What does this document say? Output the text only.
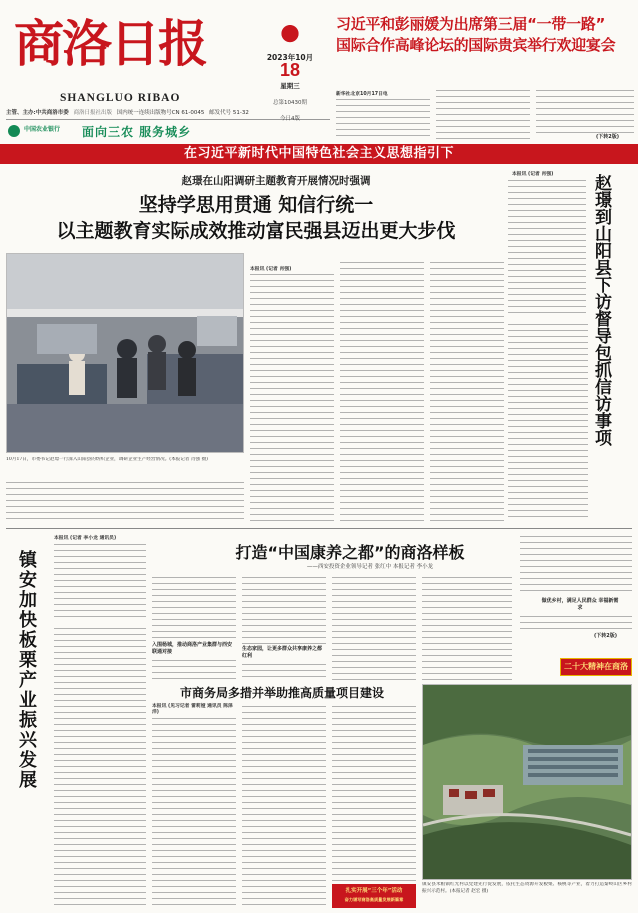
商洛日报
SHANGLUO RIBAO
主管、主办:中共商洛市委 商洛日报社出版 国内统一连续出版物号CN 61-0045 邮发代号 51-32
中国农业银行 面向三农 服务城乡
2023年10月
18
星期三
总第10430期
今日4版
习近平和彭丽媛为出席第三届“一带一路”
国际合作高峰论坛的国际贵宾举行欢迎宴会
新华社北京10月17日电
(下转2版)
在习近平新时代中国特色社会主义思想指引下
赵璟在山阳调研主题教育开展情况时强调
坚持学思用贯通 知信行统一
以主题教育实际成效推动富民强县迈出更大步伐
10月17日，市委书记赵璟一行深入山阳县的纺织企业，调研企业生产经营情况。(本报记者 肖强 摄)
本报讯 (记者 肖强)
本报讯 (记者 肖强) 赵璟到山阳县下访督导包抓信访事项
本报讯 (记者 李小龙 通讯员)
镇安加快板栗产业振兴发展	打造“中国康养之都”的商洛样板
——西安投资企业领导记者 张红中 本报记者 李小龙
入围杨城，推动商洛产业集群与西安联通对接	生态家园，让更多群众共享康养之都红利
做优乡村，满足人民群众 幸福新需求
(下转2版)
二十大精神在商洛
市商务局多措并举助推高质量项目建设
本报讯 (见习记者 雷莉娅 通讯员 陈泽洋)
扎实开展“三个年”活动
奋力谱写商洛高质量发展新篇章
镇安县米粮镇红光村以党建先行促发展，依托生态资源开发板栗、核桃等产业，着力打造秦岭山区乡村振兴示范村。(本报记者 赵宏 摄)
